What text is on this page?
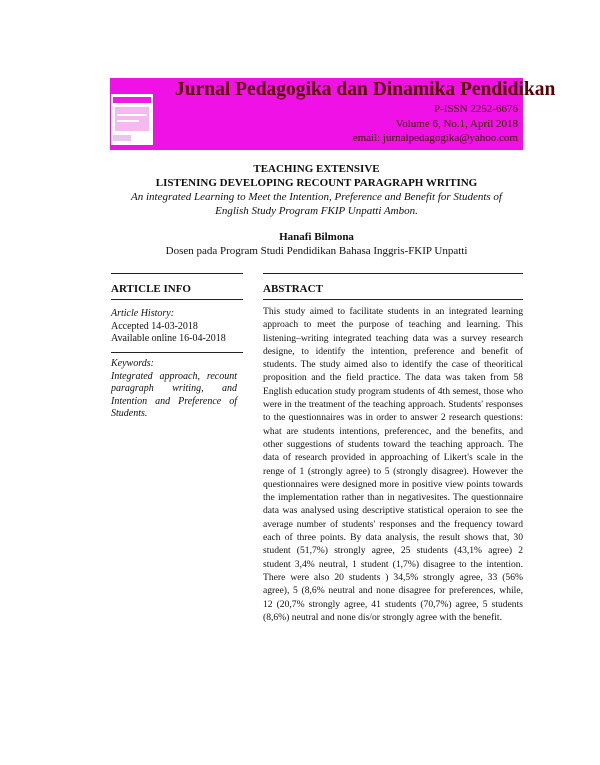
Jurnal Pedagogika dan Dinamika Pendidikan
P-ISSN 2252-6676
Volume 6, No.1, April 2018
email: jurnalpedagogika@yahoo.com
TEACHING EXTENSIVE
LISTENING DEVELOPING RECOUNT PARAGRAPH WRITING
An integrated Learning to Meet the Intention, Preference and Benefit for Students of
English Study Program FKIP Unpatti Ambon.
Hanafi Bilmona
Dosen pada Program Studi Pendidikan Bahasa Inggris-FKIP Unpatti
ARTICLE INFO	ABSTRACT
Article History:
Accepted 14-03-2018
Available online 16-04-2018
Keywords:
Integrated approach, recount paragraph writing, and Intention and Preference of Students.
This study aimed to facilitate students in an integrated learning approach to meet the purpose of teaching and learning. This listening–writing integrated teaching data was a survey research designe, to identify the intention, preference and benefit of students. The study aimed also to identify the case of theoritical proposition and the field practice. The data was taken from 58 English education study program students of 4th semest, those who were in the treatment of the teaching approach. Students' responses to the questionnaires was in order to answer 2 research questions: what are students intentions, preferencec, and the benefits, and other suggestions of students toward the teaching approach. The data of research provided in approaching of Likert's scale in the renge of 1 (strongly agree) to 5 (strongly disagree). However the questionnaires were designed more in positive view points towards the implementation rather than in negativesites. The questionnaire data was analysed using descriptive statistical operaion to see the average number of students' responses and the frequency toward each of three points. By data analysis, the result shows that, 30 student (51,7%) strongly agree, 25 students (43,1% agree) 2 student 3,4% neutral, 1 student (1,7%) disagree to the intention. There were also 20 students ) 34,5% strongly agree, 33 (56% agree), 5 (8,6% neutral and none disagree for preferences, while, 12 (20,7% strongly agree, 41 students (70,7%) agree, 5 students (8,6%) neutral and none dis/or strongly agree with the benefit.
